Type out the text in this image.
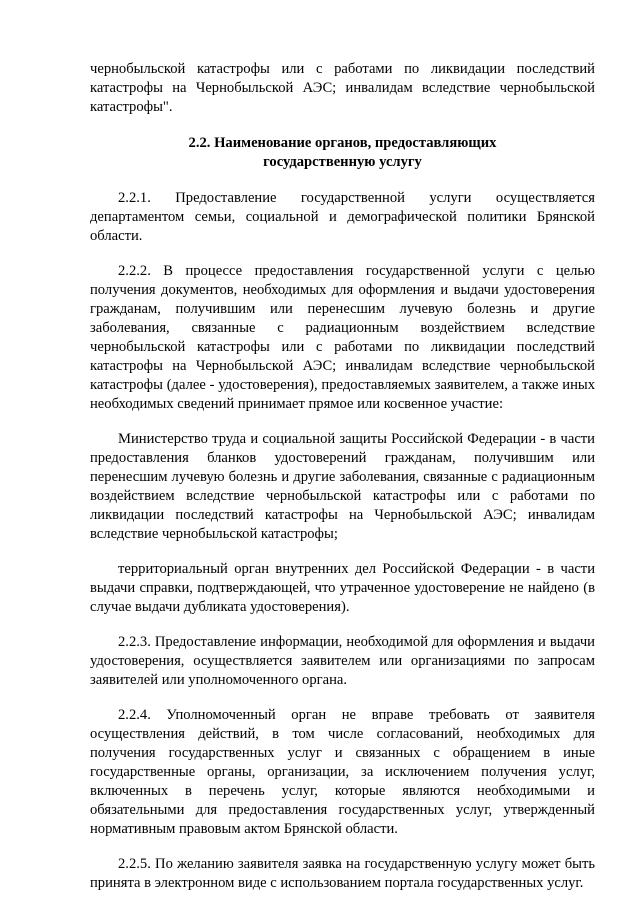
чернобыльской катастрофы или с работами по ликвидации последствий катастрофы на Чернобыльской АЭС; инвалидам вследствие чернобыльской катастрофы".

2.2. Наименование органов, предоставляющих

государственную услугу

2.2.1. Предоставление государственной услуги осуществляется департаментом семьи, социальной и демографической политики Брянской области.

2.2.2. В процессе предоставления государственной услуги с целью получения документов, необходимых для оформления и выдачи удостоверения гражданам, получившим или перенесшим лучевую болезнь и другие заболевания, связанные с радиационным воздействием вследствие чернобыльской катастрофы или с работами по ликвидации последствий катастрофы на Чернобыльской АЭС; инвалидам вследствие чернобыльской катастрофы (далее - удостоверения), предоставляемых заявителем, а также иных необходимых сведений принимает прямое или косвенное участие:

Министерство труда и социальной защиты Российской Федерации - в части предоставления бланков удостоверений гражданам, получившим или перенесшим лучевую болезнь и другие заболевания, связанные с радиационным воздействием вследствие чернобыльской катастрофы или с работами по ликвидации последствий катастрофы на Чернобыльской АЭС; инвалидам вследствие чернобыльской катастрофы;

территориальный орган внутренних дел Российской Федерации - в части выдачи справки, подтверждающей, что утраченное удостоверение не найдено (в случае выдачи дубликата удостоверения).

2.2.3. Предоставление информации, необходимой для оформления и выдачи удостоверения, осуществляется заявителем или организациями по запросам заявителей или уполномоченного органа.

2.2.4. Уполномоченный орган не вправе требовать от заявителя осуществления действий, в том числе согласований, необходимых для получения государственных услуг и связанных с обращением в иные государственные органы, организации, за исключением получения услуг, включенных в перечень услуг, которые являются необходимыми и обязательными для предоставления государственных услуг, утвержденный нормативным правовым актом Брянской области.

2.2.5. По желанию заявителя заявка на государственную услугу может быть принята в электронном виде с использованием портала государственных услуг.
